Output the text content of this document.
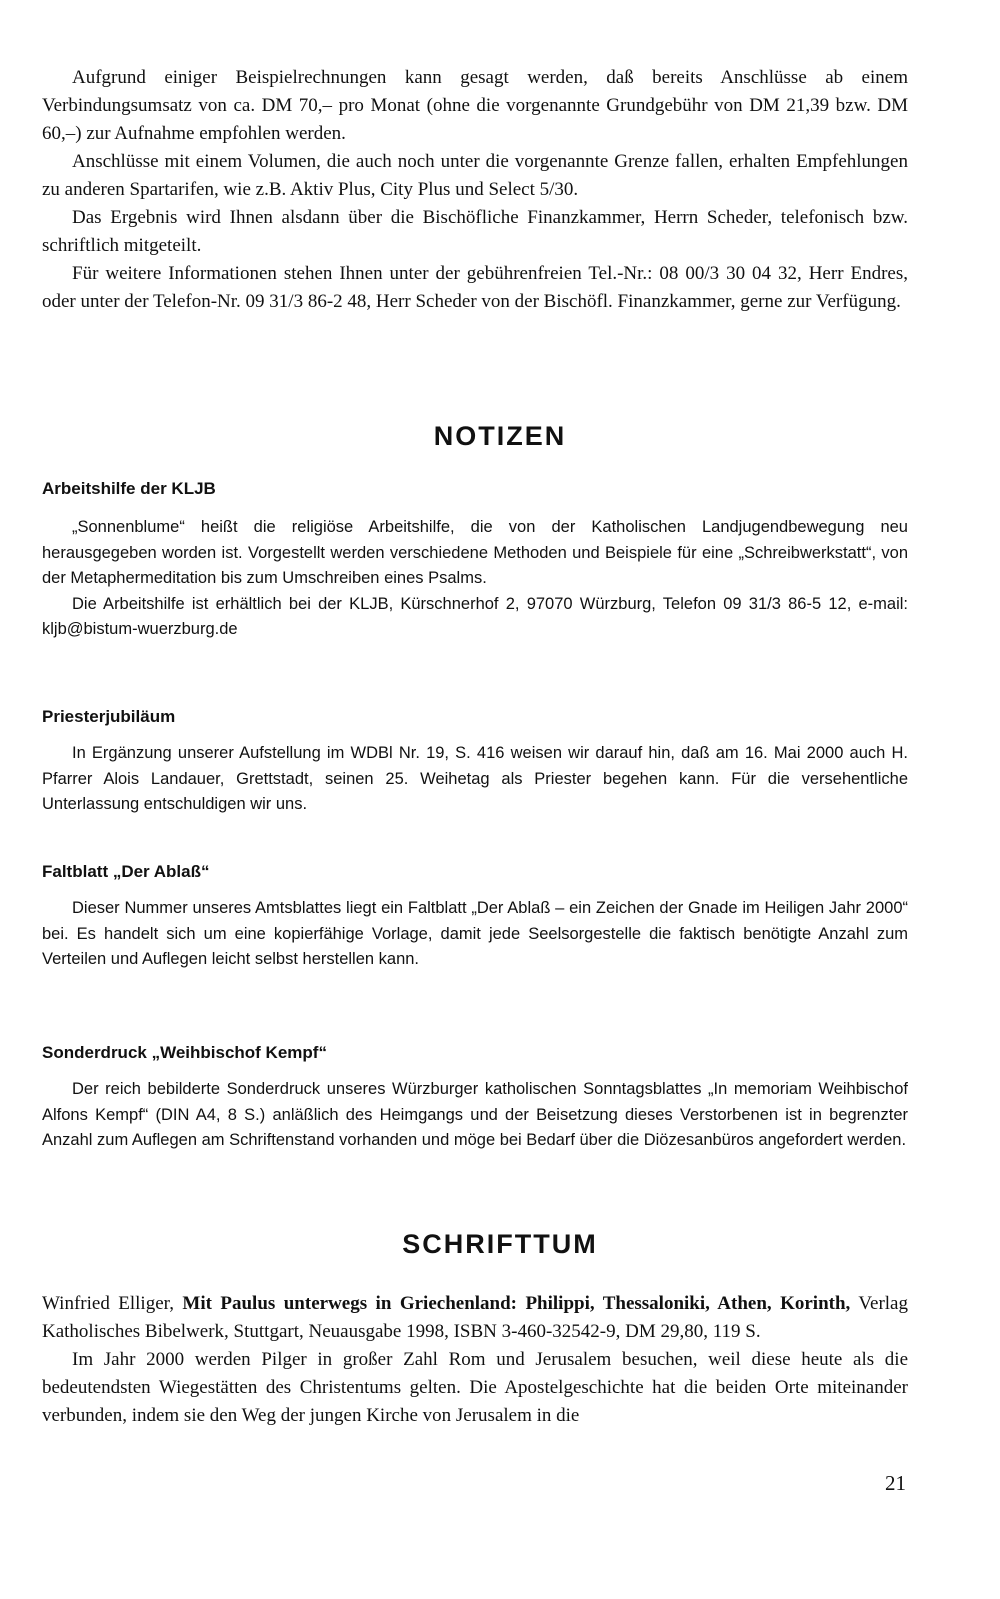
Aufgrund einiger Beispielrechnungen kann gesagt werden, daß bereits Anschlüsse ab einem Verbindungsumsatz von ca. DM 70,– pro Monat (ohne die vorgenannte Grundgebühr von DM 21,39 bzw. DM 60,–) zur Aufnahme empfohlen werden.

Anschlüsse mit einem Volumen, die auch noch unter die vorgenannte Grenze fallen, erhalten Empfehlungen zu anderen Spartarifen, wie z.B. Aktiv Plus, City Plus und Select 5/30.

Das Ergebnis wird Ihnen alsdann über die Bischöfliche Finanzkammer, Herrn Scheder, telefonisch bzw. schriftlich mitgeteilt.

Für weitere Informationen stehen Ihnen unter der gebührenfreien Tel.-Nr.: 08 00/3 30 04 32, Herr Endres, oder unter der Telefon-Nr. 09 31/3 86-2 48, Herr Scheder von der Bischöfl. Finanzkammer, gerne zur Verfügung.

NOTIZEN
Arbeitshilfe der KLJB

„Sonnenblume“ heißt die religiöse Arbeitshilfe, die von der Katholischen Landjugendbewegung neu herausgegeben worden ist. Vorgestellt werden verschiedene Methoden und Beispiele für eine „Schreibwerkstatt“, von der Metaphermeditation bis zum Umschreiben eines Psalms.

Die Arbeitshilfe ist erhältlich bei der KLJB, Kürschnerhof 2, 97070 Würzburg, Telefon 09 31/3 86-5 12, e-mail: kljb@bistum-wuerzburg.de

Priesterjubiläum

In Ergänzung unserer Aufstellung im WDBl Nr. 19, S. 416 weisen wir darauf hin, daß am 16. Mai 2000 auch H. Pfarrer Alois Landauer, Grettstadt, seinen 25. Weihetag als Priester begehen kann. Für die versehentliche Unterlassung entschuldigen wir uns.

Faltblatt „Der Ablaß“

Dieser Nummer unseres Amtsblattes liegt ein Faltblatt „Der Ablaß – ein Zeichen der Gnade im Heiligen Jahr 2000“ bei. Es handelt sich um eine kopierfähige Vorlage, damit jede Seelsorgestelle die faktisch benötigte Anzahl zum Verteilen und Auflegen leicht selbst herstellen kann.

Sonderdruck „Weihbischof Kempf“

Der reich bebilderte Sonderdruck unseres Würzburger katholischen Sonntagsblattes „In memoriam Weihbischof Alfons Kempf“ (DIN A4, 8 S.) anläßlich des Heimgangs und der Beisetzung dieses Verstorbenen ist in begrenzter Anzahl zum Auflegen am Schriftenstand vorhanden und möge bei Bedarf über die Diözesanbüros angefordert werden.

SCHRIFTTUM

Winfried Elliger, Mit Paulus unterwegs in Griechenland: Philippi, Thessaloniki, Athen, Korinth, Verlag Katholisches Bibelwerk, Stuttgart, Neuausgabe 1998, ISBN 3-460-32542-9, DM 29,80, 119 S.

Im Jahr 2000 werden Pilger in großer Zahl Rom und Jerusalem besuchen, weil diese heute als die bedeutendsten Wiegestätten des Christentums gelten. Die Apostelgeschichte hat die beiden Orte miteinander verbunden, indem sie den Weg der jungen Kirche von Jerusalem in die

21
